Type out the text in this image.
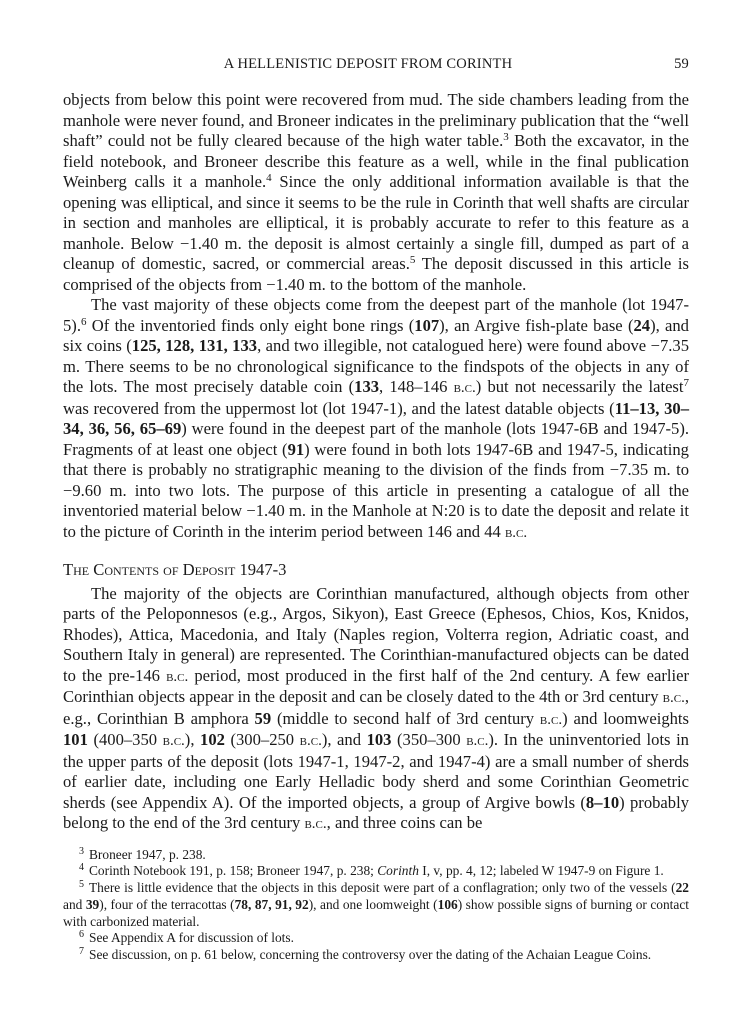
A HELLENISTIC DEPOSIT FROM CORINTH	59

objects from below this point were recovered from mud. The side chambers leading from the manhole were never found, and Broneer indicates in the preliminary publication that the “well shaft” could not be fully cleared because of the high water table.$^3$ Both the excavator, in the field notebook, and Broneer describe this feature as a well, while in the final publication Weinberg calls it a manhole.$^4$ Since the only additional information available is that the opening was elliptical, and since it seems to be the rule in Corinth that well shafts are circular in section and manholes are elliptical, it is probably accurate to refer to this feature as a manhole. Below −1.40 m. the deposit is almost certainly a single fill, dumped as part of a cleanup of domestic, sacred, or commercial areas.$^5$ The deposit discussed in this article is comprised of the objects from −1.40 m. to the bottom of the manhole.

The vast majority of these objects come from the deepest part of the manhole (lot 1947-5).$^6$ Of the inventoried finds only eight bone rings (107), an Argive fish-plate base (24), and six coins (125, 128, 131, 133, and two illegible, not catalogued here) were found above −7.35 m. There seems to be no chronological significance to the findspots of the objects in any of the lots. The most precisely datable coin (133, 148–146 b.c.) but not necessarily the latest$^7$ was recovered from the uppermost lot (lot 1947-1), and the latest datable objects (11–13, 30–34, 36, 56, 65–69) were found in the deepest part of the manhole (lots 1947-6B and 1947-5). Fragments of at least one object (91) were found in both lots 1947-6B and 1947-5, indicating that there is probably no stratigraphic meaning to the division of the finds from −7.35 m. to −9.60 m. into two lots. The purpose of this article in presenting a catalogue of all the inventoried material below −1.40 m. in the Manhole at N:20 is to date the deposit and relate it to the picture of Corinth in the interim period between 146 and 44 b.c.

The Contents of Deposit 1947-3

The majority of the objects are Corinthian manufactured, although objects from other parts of the Peloponnesos (e.g., Argos, Sikyon), East Greece (Ephesos, Chios, Kos, Knidos, Rhodes), Attica, Macedonia, and Italy (Naples region, Volterra region, Adriatic coast, and Southern Italy in general) are represented. The Corinthian-manufactured objects can be dated to the pre-146 b.c. period, most produced in the first half of the 2nd century. A few earlier Corinthian objects appear in the deposit and can be closely dated to the 4th or 3rd century b.c., e.g., Corinthian B amphora 59 (middle to second half of 3rd century b.c.) and loomweights 101 (400–350 b.c.), 102 (300–250 b.c.), and 103 (350–300 b.c.). In the uninventoried lots in the upper parts of the deposit (lots 1947-1, 1947-2, and 1947-4) are a small number of sherds of earlier date, including one Early Helladic body sherd and some Corinthian Geometric sherds (see Appendix A). Of the imported objects, a group of Argive bowls (8–10) probably belong to the end of the 3rd century b.c., and three coins can be

$^3$ Broneer 1947, p. 238.

$^4$ Corinth Notebook 191, p. 158; Broneer 1947, p. 238; Corinth I, v, pp. 4, 12; labeled W 1947-9 on Figure 1.

$^5$ There is little evidence that the objects in this deposit were part of a conflagration; only two of the vessels (22 and 39), four of the terracottas (78, 87, 91, 92), and one loomweight (106) show possible signs of burning or contact with carbonized material.

$^6$ See Appendix A for discussion of lots.

$^7$ See discussion, on p. 61 below, concerning the controversy over the dating of the Achaian League Coins.
